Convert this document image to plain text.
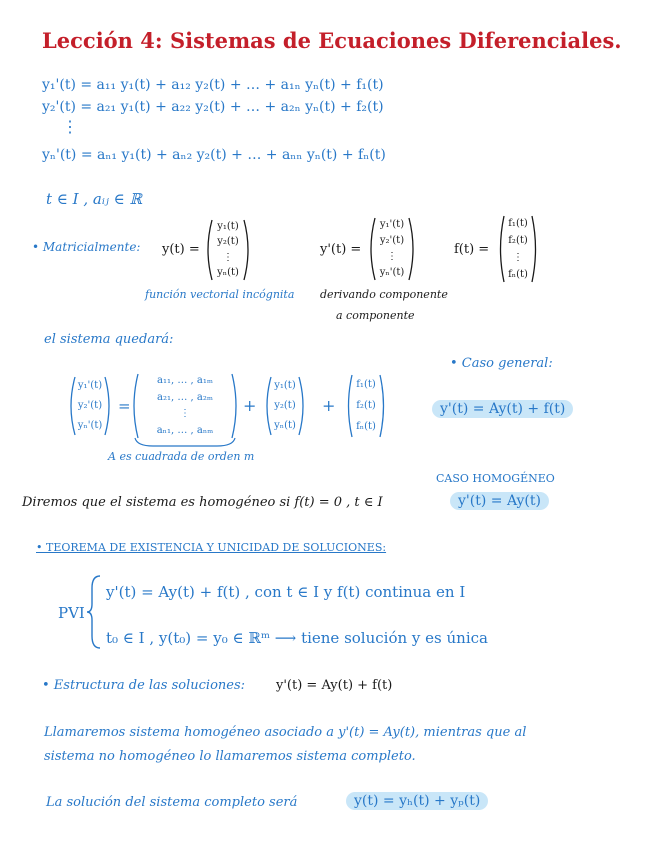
Lección 4: Sistemas de Ecuaciones Diferenciales.
y₁'(t) = a₁₁ y₁(t) + a₁₂ y₂(t) + … + a₁ₙ yₙ(t) + f₁(t)
y₂'(t) = a₂₁ y₁(t) + a₂₂ y₂(t) + … + a₂ₙ yₙ(t) + f₂(t)
⋮
yₙ'(t) = aₙ₁ y₁(t) + aₙ₂ y₂(t) + … + aₙₙ yₙ(t) + fₙ(t)
t ∈ I , aᵢⱼ ∈ ℝ
• Matricialmente: y(t) =
y₁(t)
y₂(t)
⋮
yₙ(t)
función vectorial incógnita
y'(t) =
y₁'(t)
y₂'(t)
⋮
yₙ'(t)
derivando componente
a componente
f(t) =
f₁(t)
f₂(t)
⋮
fₙ(t)
el sistema quedará:
• Caso general:
y₁'(t)
y₂'(t)
yₙ'(t)
=
a₁₁, … , a₁ₘ
a₂₁, … , a₂ₘ
⋮
aₙ₁, … , aₙₘ
+
y₁(t)
y₂(t)
yₙ(t)
+
f₁(t)
f₂(t)
fₙ(t)
y'(t) = Ay(t) + f(t)
A es cuadrada de orden m
CASO HOMOGÉNEO
Diremos que el sistema es homogéneo si f(t) = 0 , t ∈ I	y'(t) = Ay(t)
• TEOREMA DE EXISTENCIA Y UNICIDAD DE SOLUCIONES:
PVI
y'(t) = Ay(t) + f(t) , con t ∈ I y f(t) continua en I
t₀ ∈ I , y(t₀) = y₀ ∈ ℝᵐ ⟶ tiene solución y es única
• Estructura de las soluciones: y'(t) = Ay(t) + f(t)
Llamaremos sistema homogéneo asociado a y'(t) = Ay(t), mientras que al
sistema no homogéneo lo llamaremos sistema completo.
La solución del sistema completo será	y(t) = yₕ(t) + yₚ(t)
